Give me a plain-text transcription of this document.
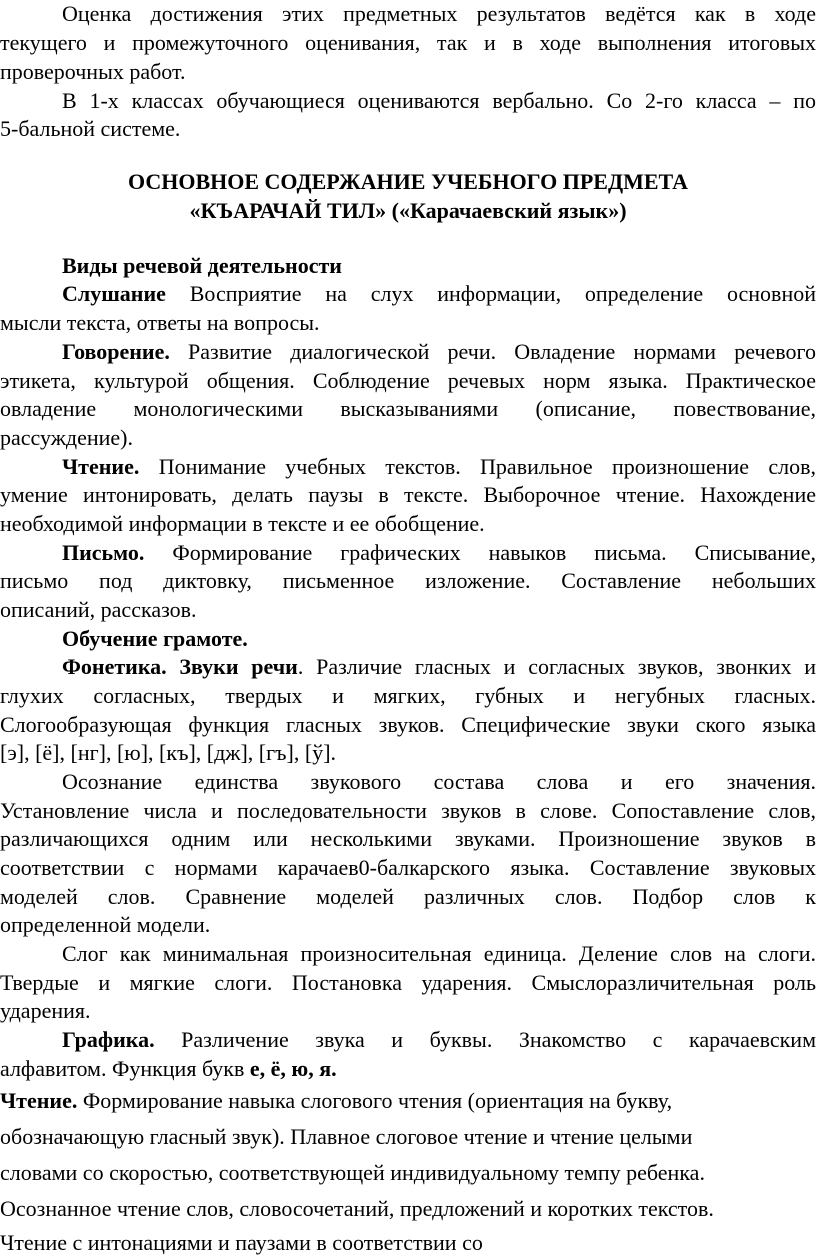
Оценка достижения этих предметных результатов ведётся как в ходе
текущего и промежуточного оценивания, так и в ходе выполнения итоговых
проверочных работ.
В 1-х классах обучающиеся оцениваются вербально. Со 2-го класса – по
5-бальной системе.
ОСНОВНОЕ СОДЕРЖАНИЕ УЧЕБНОГО ПРЕДМЕТА
«КЪАРАЧАЙ ТИЛ» («Карачаевский язык»)
Виды речевой деятельности
Слушание Восприятие на слух информации, определение основной
мысли текста, ответы на вопросы.
Говорение. Развитие диалогической речи. Овладение нормами речевого
этикета, культурой общения. Соблюдение речевых норм языка. Практическое
овладение монологическими высказываниями (описание, повествование,
рассуждение).
Чтение. Понимание учебных текстов. Правильное произношение слов,
умение интонировать, делать паузы в тексте. Выборочное чтение. Нахождение
необходимой информации в тексте и ее обобщение.
Письмо. Формирование графических навыков письма. Списывание,
письмо под диктовку, письменное изложение. Составление небольших
описаний, рассказов.
Обучение грамоте.
Фонетика. Звуки речи. Различие гласных и согласных звуков, звонких и
глухих согласных, твердых и мягких, губных и негубных гласных.
Слогообразующая функция гласных звуков. Специфические звуки ского языка
[э], [ё], [нг], [ю], [къ], [дж], [гъ], [ў].
Осознание единства звукового состава слова и его значения.
Установление числа и последовательности звуков в слове. Сопоставление слов,
различающихся одним или несколькими звуками. Произношение звуков в
соответствии с нормами карачаев0-балкарского языка. Составление звуковых
моделей слов. Сравнение моделей различных слов. Подбор слов к
определенной модели.
Слог как минимальная произносительная единица. Деление слов на слоги.
Твердые и мягкие слоги. Постановка ударения. Смыслоразличительная роль
ударения.
Графика. Различение звука и буквы. Знакомство с карачаевским
алфавитом. Функция букв е, ё, ю, я.
Чтение. Формирование навыка слогового чтения (ориентация на букву,
обозначающую гласный звук). Плавное слоговое чтение и чтение целыми
словами со скоростью, соответствующей индивидуальному темпу ребенка.
Осознанное чтение слов, словосочетаний, предложений и коротких текстов.
Чтение с интонациями и паузами в соответствии со
